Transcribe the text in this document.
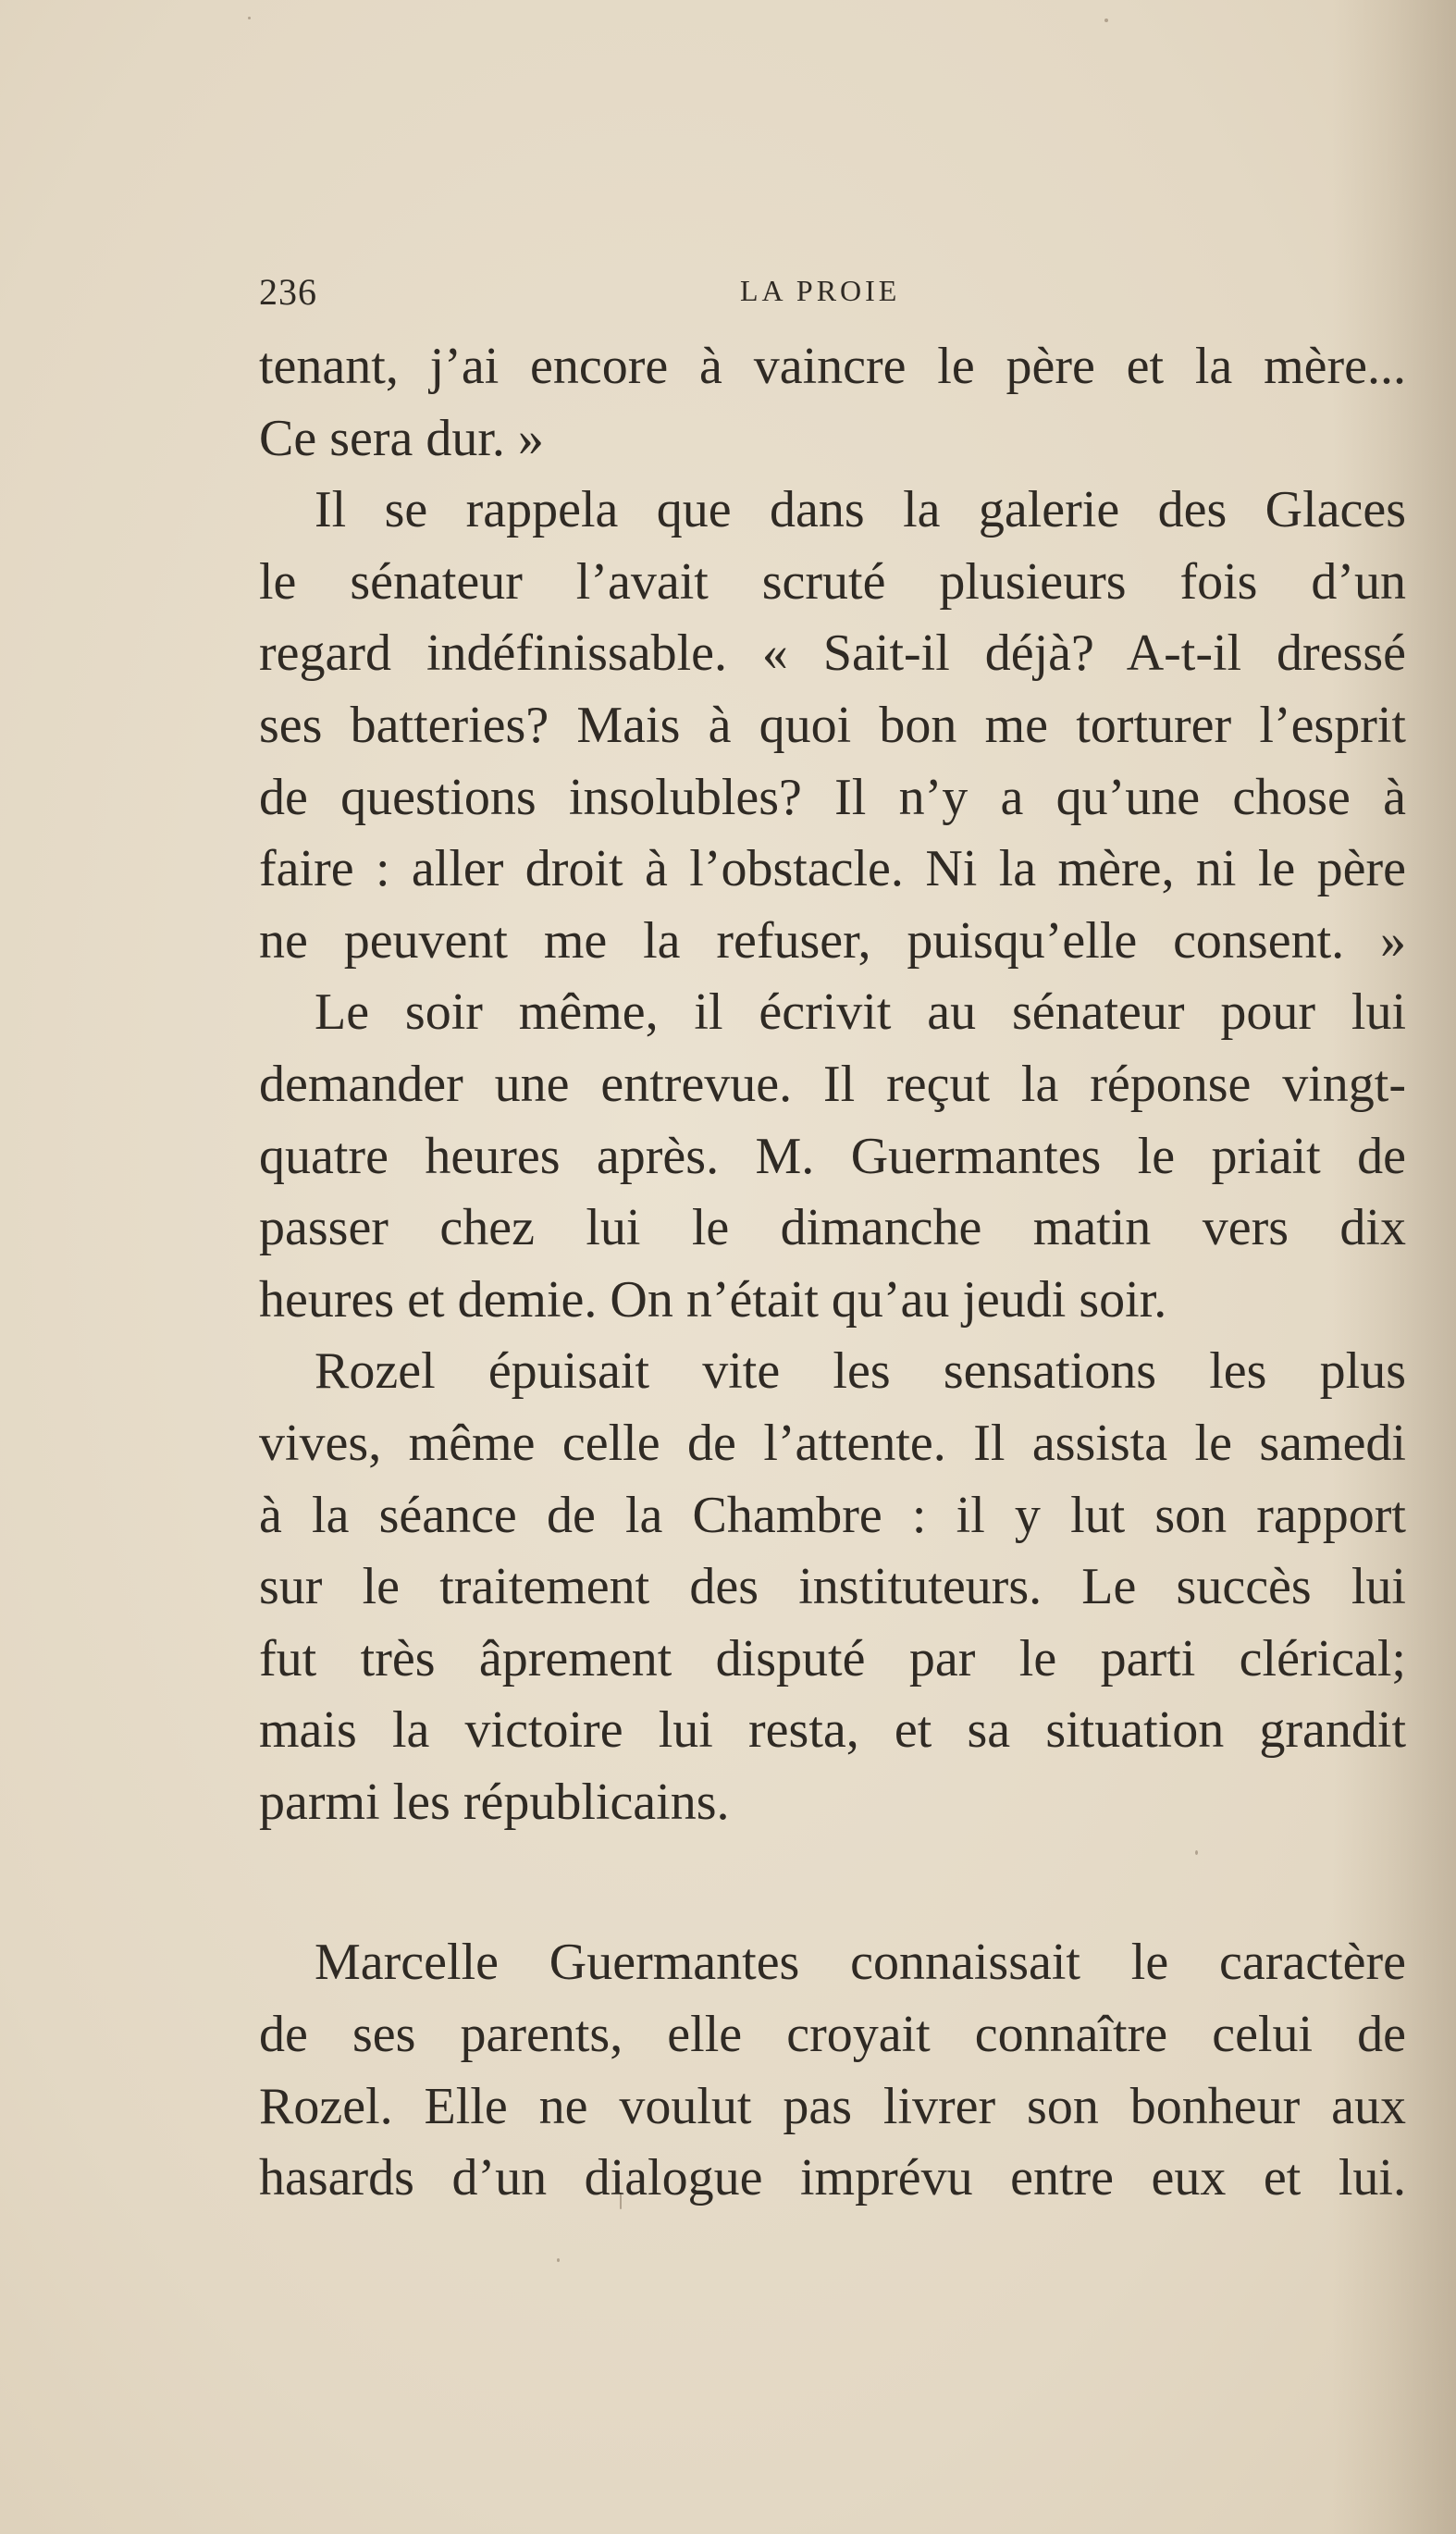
236	LA PROIE
tenant, j’ai encore à vaincre le père et la mère...
Ce sera dur. »
Il se rappela que dans la galerie des Glaces
le sénateur l’avait scruté plusieurs fois d’un
regard indéfinissable. « Sait-il déjà? A-t-il dressé
ses batteries? Mais à quoi bon me torturer l’esprit
de questions insolubles? Il n’y a qu’une chose à
faire : aller droit à l’obstacle. Ni la mère, ni le père
ne peuvent me la refuser, puisqu’elle consent. »
Le soir même, il écrivit au sénateur pour lui
demander une entrevue. Il reçut la réponse vingt-
quatre heures après. M. Guermantes le priait de
passer chez lui le dimanche matin vers dix
heures et demie. On n’était qu’au jeudi soir.
Rozel épuisait vite les sensations les plus
vives, même celle de l’attente. Il assista le samedi
à la séance de la Chambre : il y lut son rapport
sur le traitement des instituteurs. Le succès lui
fut très âprement disputé par le parti clérical;
mais la victoire lui resta, et sa situation grandit
parmi les républicains.
Marcelle Guermantes connaissait le caractère
de ses parents, elle croyait connaître celui de
Rozel. Elle ne voulut pas livrer son bonheur aux
hasards d’un dialogue imprévu entre eux et lui.
